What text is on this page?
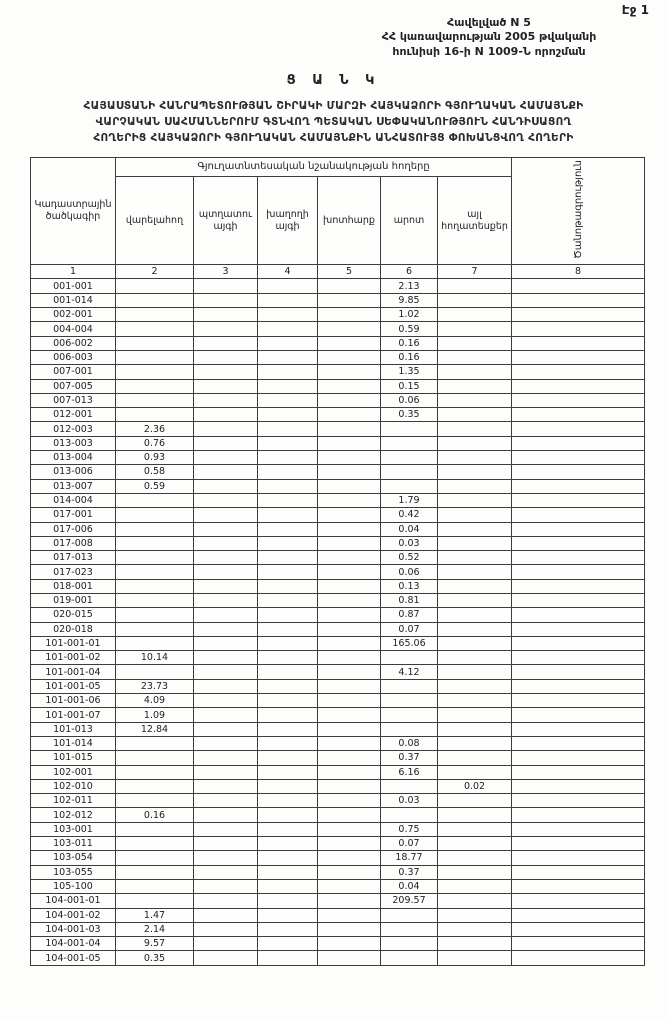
Էջ 1
Հավելված N 5
ՀՀ կառավարության 2005 թվականի
հունիսի 16-ի N 1009-Ն որոշման
Ց Ա Ն Կ
ՀԱՅԱՍՏԱՆԻ ՀԱՆՐԱՊԵՏՈՒԹՅԱՆ ՇԻՐԱԿԻ ՄԱՐԶԻ ՀԱՅԿԱՁՈՐԻ ԳՅՈՒՂԱԿԱՆ ՀԱՄԱՅՆՔԻ
ՎԱՐՉԱԿԱՆ ՍԱՀՄԱՆՆԵՐՈՒՄ ԳՏՆՎՈՂ ՊԵՏԱԿԱՆ ՍԵՓԱԿԱՆՈՒԹՅՈՒՆ ՀԱՆԴԻՍԱՑՈՂ
ՀՈՂԵՐԻՑ ՀԱՅԿԱՁՈՐԻ ԳՅՈՒՂԱԿԱՆ ՀԱՄԱՅՆՔԻՆ ԱՆՀԱՏՈՒՅՑ ՓՈԽԱՆՑՎՈՂ ՀՈՂԵՐԻ
Կադաստրային ծածկագիր	Գյուղատնտեսական նշանակության հողերը						Ծանոթագրություն
	վարելահող	պտղատու այգի	խաղողի այգի	խոտհարք	արոտ	այլ հողատեսքեր	
1	2	3	4	5	6	7	8
001-001					2.13		
001-014					9.85		
002-001					1.02		
004-004					0.59		
006-002					0.16		
006-003					0.16		
007-001					1.35		
007-005					0.15		
007-013					0.06		
012-001					0.35		
012-003	2.36						
013-003	0.76						
013-004	0.93						
013-006	0.58						
013-007	0.59						
014-004					1.79		
017-001					0.42		
017-006					0.04		
017-008					0.03		
017-013					0.52		
017-023					0.06		
018-001					0.13		
019-001					0.81		
020-015					0.87		
020-018					0.07		
101-001-01					165.06		
101-001-02	10.14						
101-001-04					4.12		
101-001-05	23.73						
101-001-06	4.09						
101-001-07	1.09						
101-013	12.84						
101-014					0.08		
101-015					0.37		
102-001					6.16		
102-010						0.02	
102-011					0.03		
102-012	0.16						
103-001					0.75		
103-011					0.07		
103-054					18.77		
103-055					0.37		
105-100					0.04		
104-001-01					209.57		
104-001-02	1.47						
104-001-03	2.14						
104-001-04	9.57						
104-001-05	0.35						
